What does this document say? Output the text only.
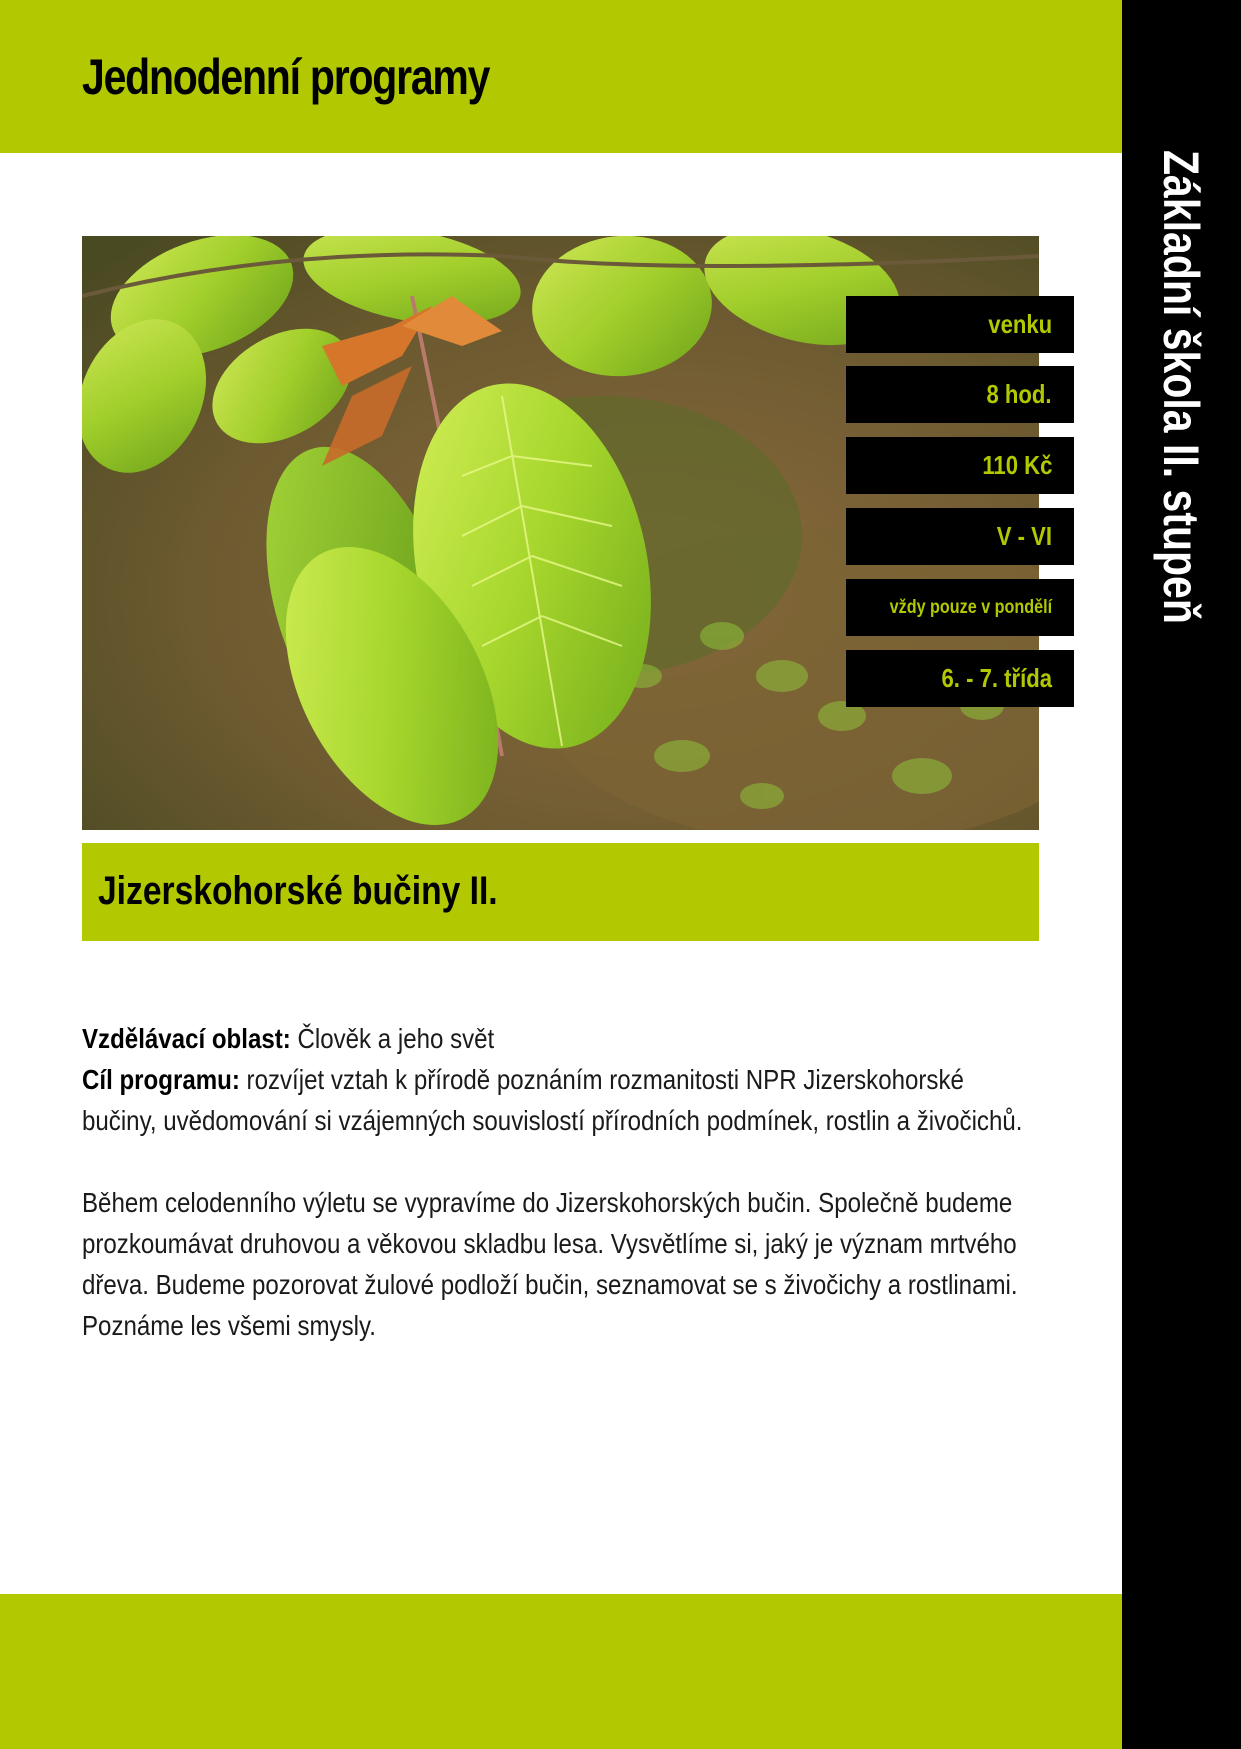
Jednodenní programy
Základní škola II. stupeň
venku
8 hod.
110 Kč
V - VI
vždy pouze v pondělí
6. - 7. třída
Jizerskohorské bučiny II.

Vzdělávací oblast: Člověk a jeho svět

Cíl programu: rozvíjet vztah k přírodě poznáním rozmanitosti NPR Jizerskohorské bučiny, uvědomování si vzájemných souvislostí přírodních podmínek, rostlin a živočichů.

Během celodenního výletu se vypravíme do Jizerskohorských bučin. Společně budeme prozkoumávat druhovou a věkovou skladbu lesa. Vysvětlíme si, jaký je význam mrtvého dřeva. Budeme pozorovat žulové podloží bučin, seznamovat se s živočichy a rostlinami. Poznáme les všemi smysly.
